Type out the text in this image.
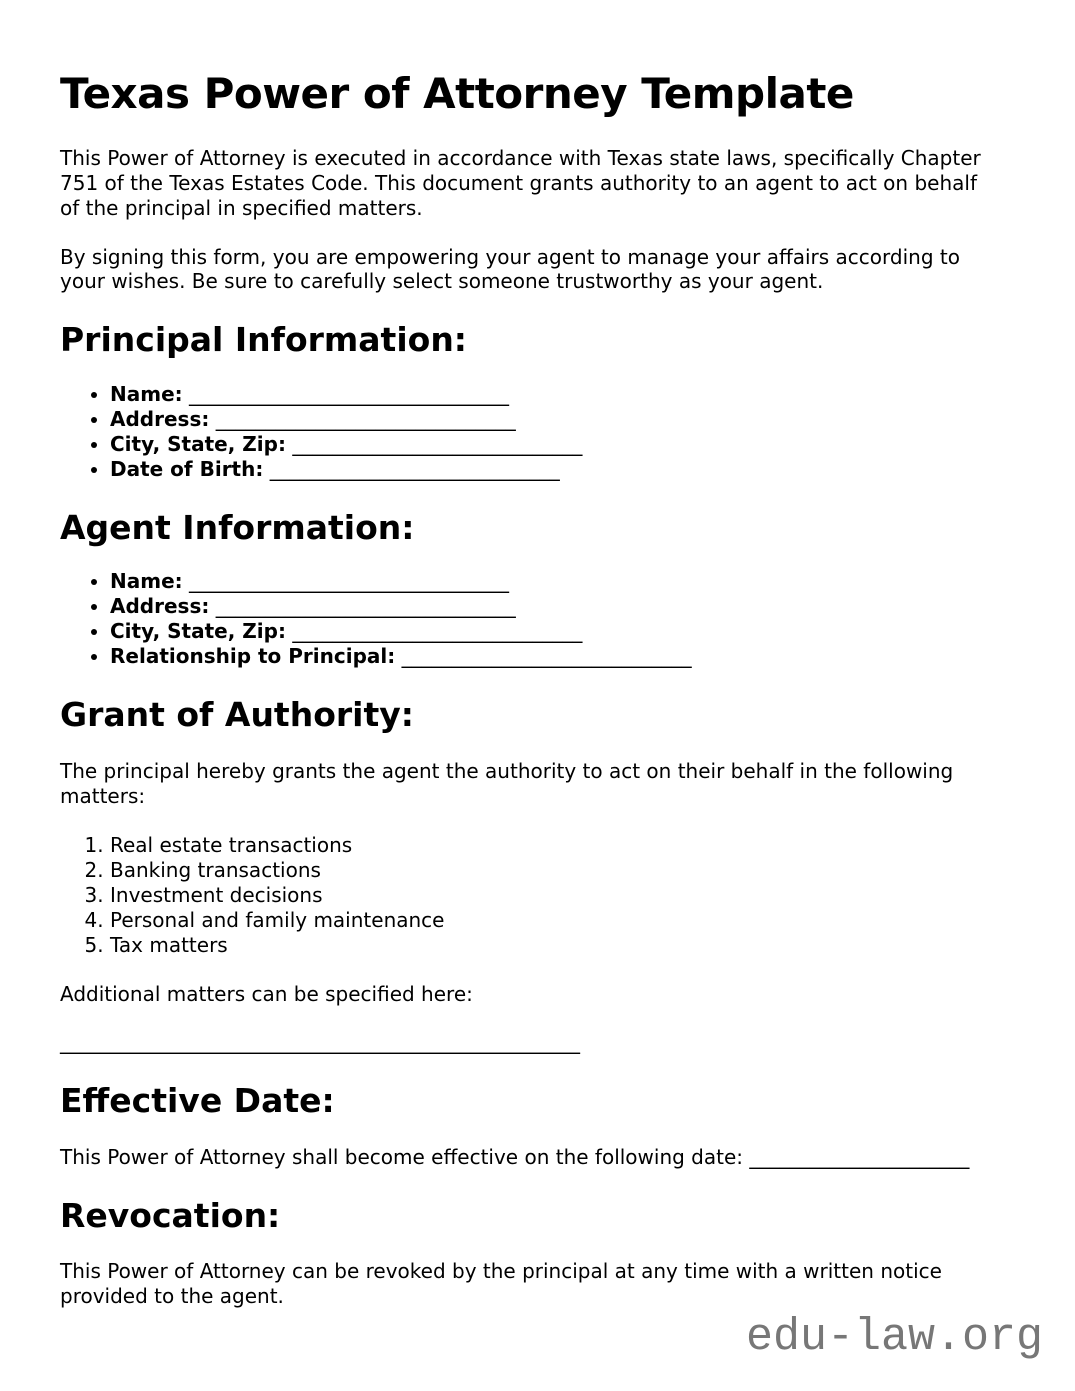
Texas Power of Attorney Template

This Power of Attorney is executed in accordance with Texas state laws, specifically Chapter 751 of the Texas Estates Code. This document grants authority to an agent to act on behalf of the principal in specified matters.

By signing this form, you are empowering your agent to manage your affairs according to your wishes. Be sure to carefully select someone trustworthy as your agent.

Principal Information:
• Name: ________________________________
• Address: ______________________________
• City, State, Zip: _____________________________
• Date of Birth: _____________________________
Agent Information:
• Name: ________________________________
• Address: ______________________________
• City, State, Zip: _____________________________
• Relationship to Principal: _____________________________
Grant of Authority:

The principal hereby grants the agent the authority to act on their behalf in the following matters:

1. Real estate transactions
2. Banking transactions
3. Investment decisions
4. Personal and family maintenance
5. Tax matters

Additional matters can be specified here:

____________________________________________________

Effective Date:

This Power of Attorney shall become effective on the following date: ______________________

Revocation:

This Power of Attorney can be revoked by the principal at any time with a written notice provided to the agent.

edu-law.org
